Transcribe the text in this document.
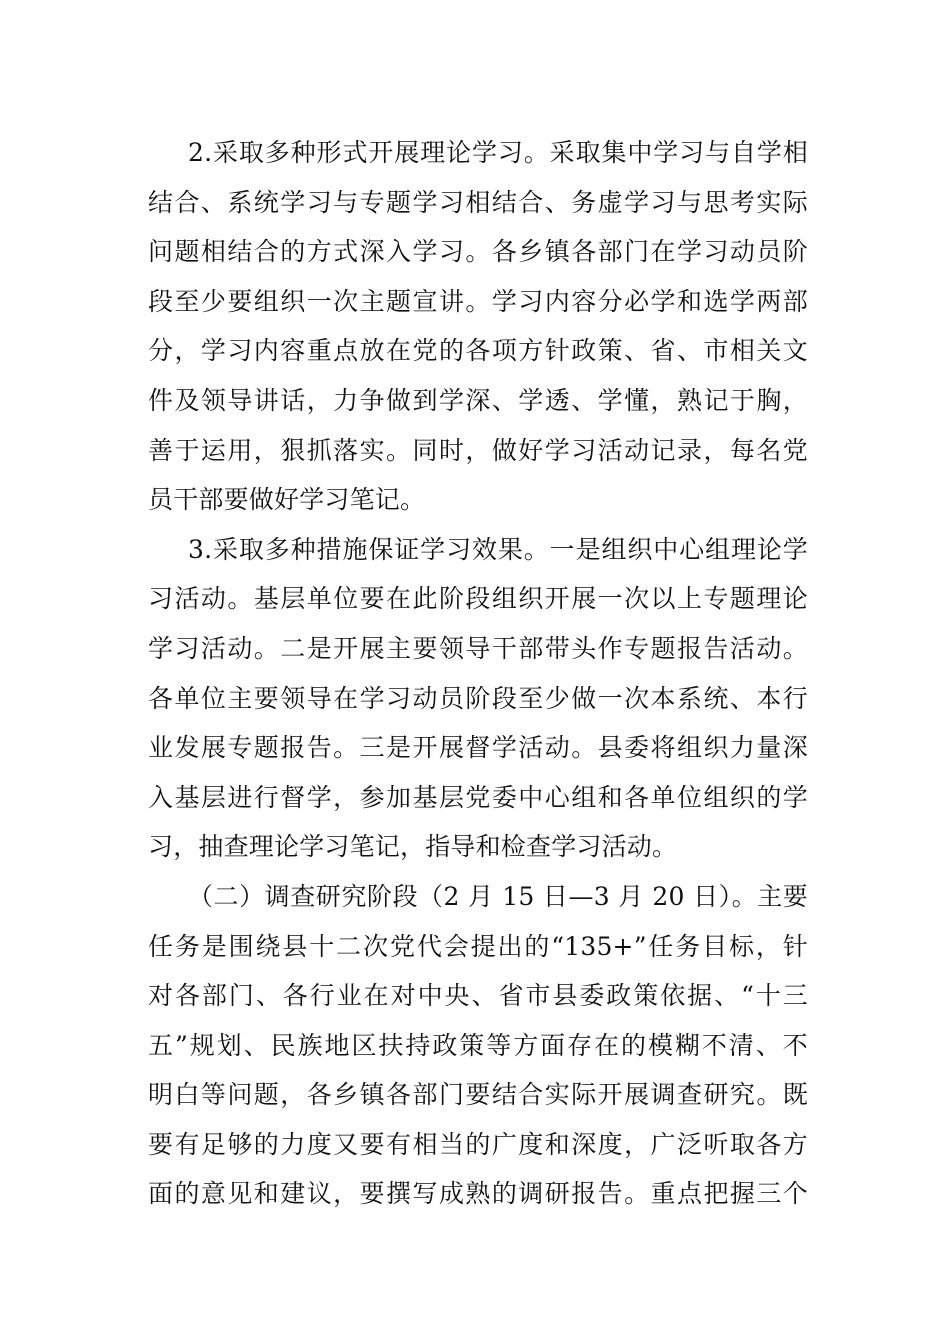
2.采取多种形式开展理论学习。采取集中学习与自学相
结合、系统学习与专题学习相结合、务虚学习与思考实际
问题相结合的方式深入学习。各乡镇各部门在学习动员阶
段至少要组织一次主题宣讲。学习内容分必学和选学两部
分，学习内容重点放在党的各项方针政策、省、市相关文
件及领导讲话，力争做到学深、学透、学懂，熟记于胸，
善于运用，狠抓落实。同时，做好学习活动记录，每名党
员干部要做好学习笔记。
3.采取多种措施保证学习效果。一是组织中心组理论学
习活动。基层单位要在此阶段组织开展一次以上专题理论
学习活动。二是开展主要领导干部带头作专题报告活动。
各单位主要领导在学习动员阶段至少做一次本系统、本行
业发展专题报告。三是开展督学活动。县委将组织力量深
入基层进行督学，参加基层党委中心组和各单位组织的学
习，抽查理论学习笔记，指导和检查学习活动。
（二）调查研究阶段（2 月 15 日—3 月 20 日）。主要
任务是围绕县十二次党代会提出的“135+”任务目标，针
对各部门、各行业在对中央、省市县委政策依据、“十三
五”规划、民族地区扶持政策等方面存在的模糊不清、不
明白等问题，各乡镇各部门要结合实际开展调查研究。既
要有足够的力度又要有相当的广度和深度，广泛听取各方
面的意见和建议，要撰写成熟的调研报告。重点把握三个
